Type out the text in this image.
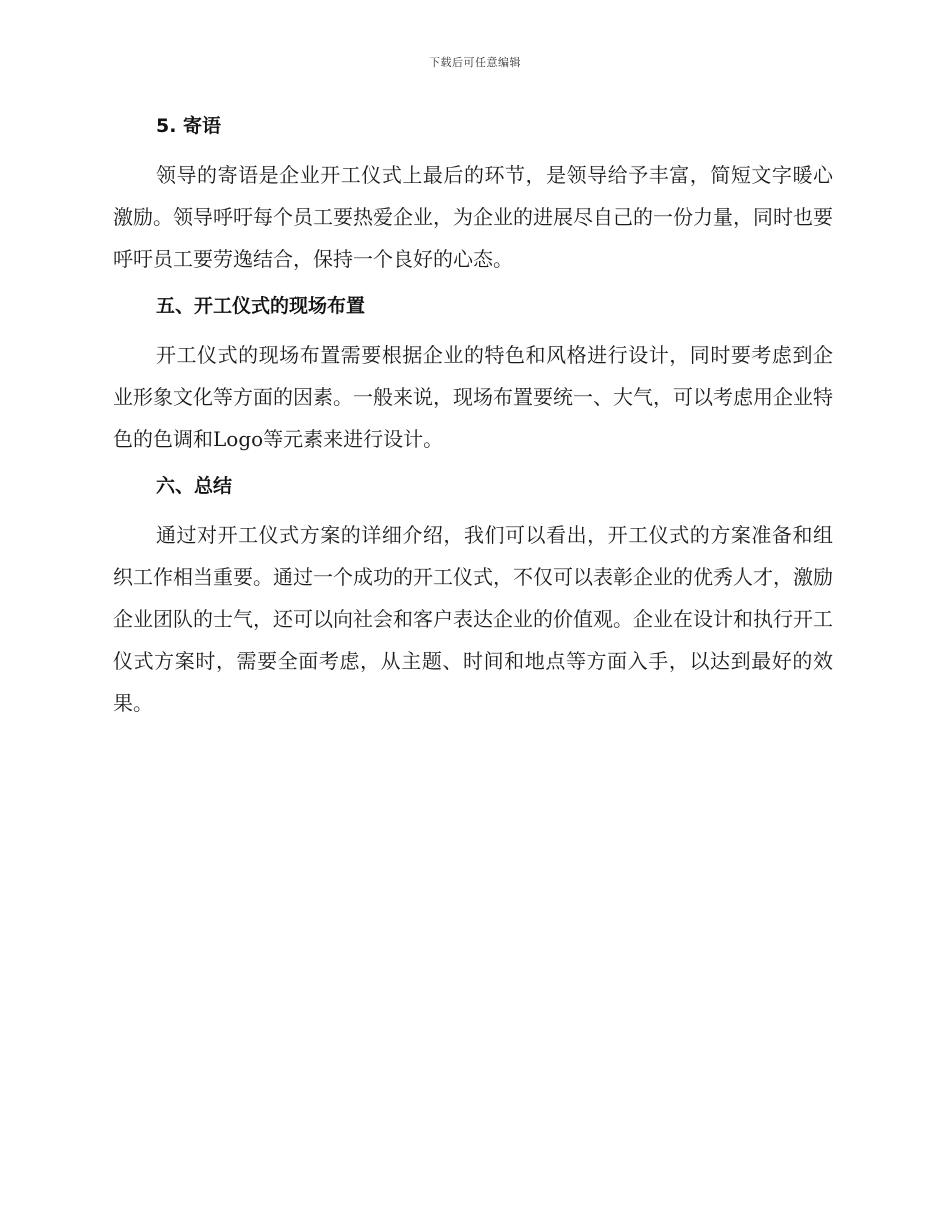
下载后可任意编辑
5. 寄语

领导的寄语是企业开工仪式上最后的环节，是领导给予丰富，简短文字暖心激励。领导呼吁每个员工要热爱企业，为企业的进展尽自己的一份力量，同时也要呼吁员工要劳逸结合，保持一个良好的心态。

五、开工仪式的现场布置

开工仪式的现场布置需要根据企业的特色和风格进行设计，同时要考虑到企业形象文化等方面的因素。一般来说，现场布置要统一、大气，可以考虑用企业特色的色调和Logo等元素来进行设计。

六、总结

通过对开工仪式方案的详细介绍，我们可以看出，开工仪式的方案准备和组织工作相当重要。通过一个成功的开工仪式，不仅可以表彰企业的优秀人才，激励企业团队的士气，还可以向社会和客户表达企业的价值观。企业在设计和执行开工仪式方案时，需要全面考虑，从主题、时间和地点等方面入手，以达到最好的效果。
